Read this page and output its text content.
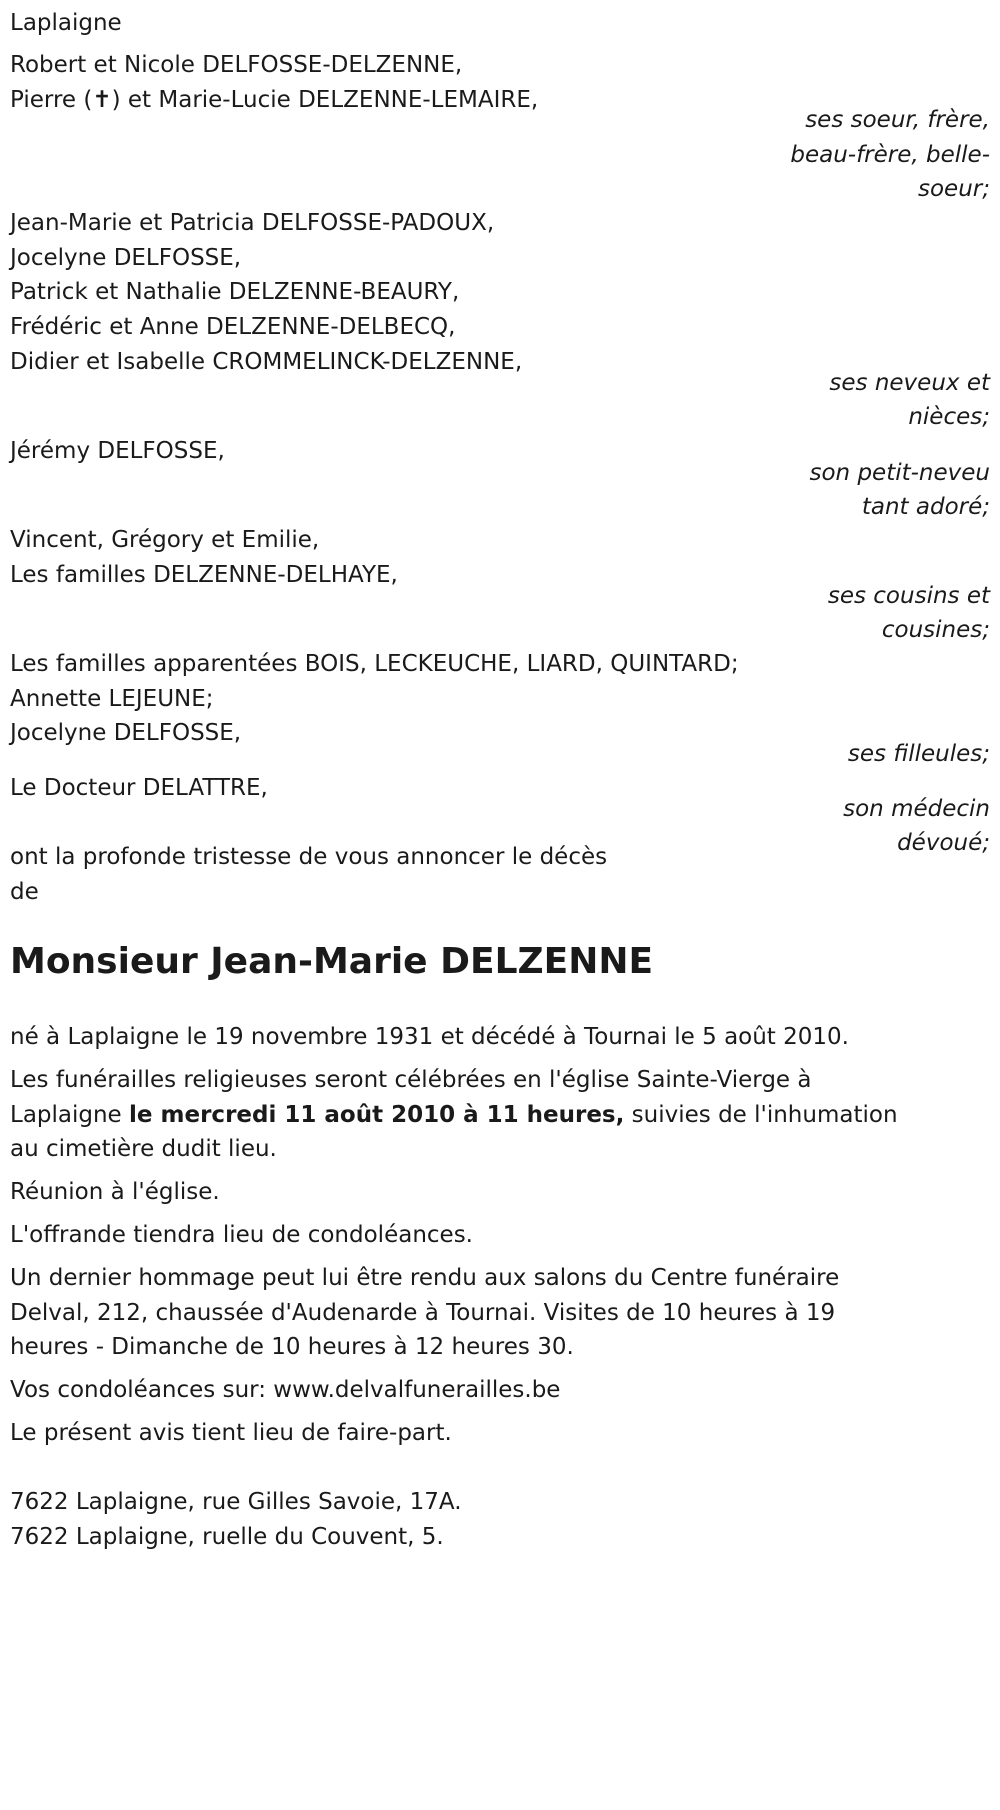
Laplaigne
Robert et Nicole DELFOSSE-DELZENNE,
Pierre (✝) et Marie-Lucie DELZENNE-LEMAIRE,
ses soeur, frère,
beau-frère, belle-
soeur;
Jean-Marie et Patricia DELFOSSE-PADOUX,
Jocelyne DELFOSSE,
Patrick et Nathalie DELZENNE-BEAURY,
Frédéric et Anne DELZENNE-DELBECQ,
Didier et Isabelle CROMMELINCK-DELZENNE,
ses neveux et
nièces;
Jérémy DELFOSSE,
son petit-neveu
tant adoré;
Vincent, Grégory et Emilie,
Les familles DELZENNE-DELHAYE,
ses cousins et
cousines;
Les familles apparentées BOIS, LECKEUCHE, LIARD, QUINTARD;
Annette LEJEUNE;
Jocelyne DELFOSSE,
ses filleules;
Le Docteur DELATTRE,
son médecin
dévoué;
ont la profonde tristesse de vous annoncer le décès
de
Monsieur Jean-Marie DELZENNE
né à Laplaigne le 19 novembre 1931 et décédé à Tournai le 5 août 2010.
Les funérailles religieuses seront célébrées en l'église Sainte-Vierge à
Laplaigne le mercredi 11 août 2010 à 11 heures, suivies de l'inhumation
au cimetière dudit lieu.
Réunion à l'église.
L'offrande tiendra lieu de condoléances.
Un dernier hommage peut lui être rendu aux salons du Centre funéraire
Delval, 212, chaussée d'Audenarde à Tournai. Visites de 10 heures à 19
heures - Dimanche de 10 heures à 12 heures 30.
Vos condoléances sur: www.delvalfunerailles.be
Le présent avis tient lieu de faire-part.
7622 Laplaigne, rue Gilles Savoie, 17A.
7622 Laplaigne, ruelle du Couvent, 5.
